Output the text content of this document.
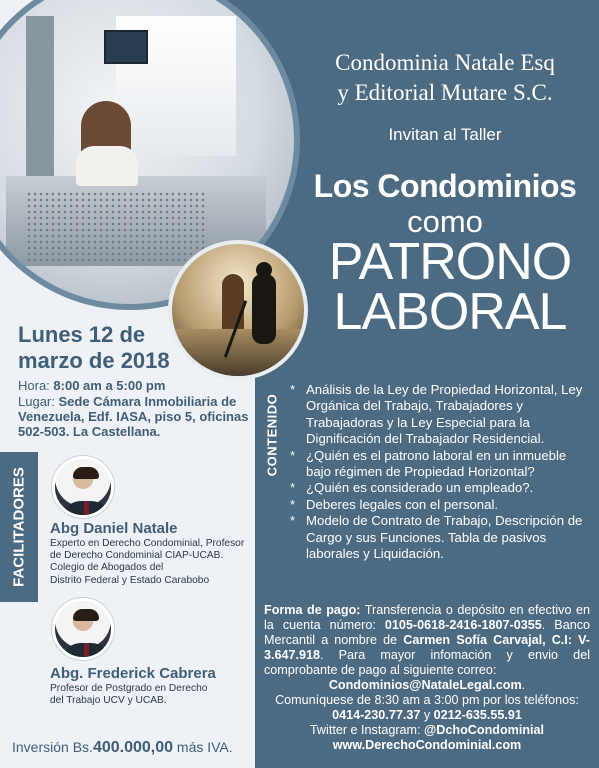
Condominia Natale Esq
y Editorial Mutare S.C.
Invitan al Taller
Los Condominios
como
PATRONO
LABORAL
Lunes 12 de
marzo de 2018
Hora: 8:00 am a 5:00 pm
Lugar: Sede Cámara Inmobiliaria de Venezuela, Edf. IASA, piso 5, oficinas 502-503. La Castellana.	CONTENIDO
* Análisis de la Ley de Propiedad Horizontal, Ley Orgánica del Trabajo, Trabajadores y Trabajadoras y la Ley Especial para la Dignificación del Trabajador Residencial.
* ¿Quién es el patrono laboral en un inmueble bajo régimen de Propiedad Horizontal?
* ¿Quién es considerado un empleado?.
* Deberes legales con el personal.
* Modelo de Contrato de Trabajo, Descripción de Cargo y sus Funciones. Tabla de pasivos laborales y Liquidación.
FACILITADORES Abg Daniel Natale
Experto en Derecho Condominial, Profesor
de Derecho Condominial CIAP-UCAB.
Colegio de Abogados del
Distrito Federal y Estado Carabobo
Abg. Frederick Cabrera
Profesor de Postgrado en Derecho
del Trabajo UCV y UCAB.
Inversión Bs.400.000,00 más IVA.
Forma de pago: Transferencia o depósito en efectivo en la cuenta número: 0105-0618-2416-1807-0355. Banco Mercantil a nombre de Carmen Sofía Carvajal, C.I: V- 3.647.918. Para mayor infomación y envio del comprobante de pago al siguiente correo:
Condominios@NataleLegal.com.
Comuníquese de 8:30 am a 3:00 pm por los teléfonos:
0414-230.77.37 y 0212-635.55.91
Twitter e Instagram: @DchoCondominial
www.DerechoCondominial.com
